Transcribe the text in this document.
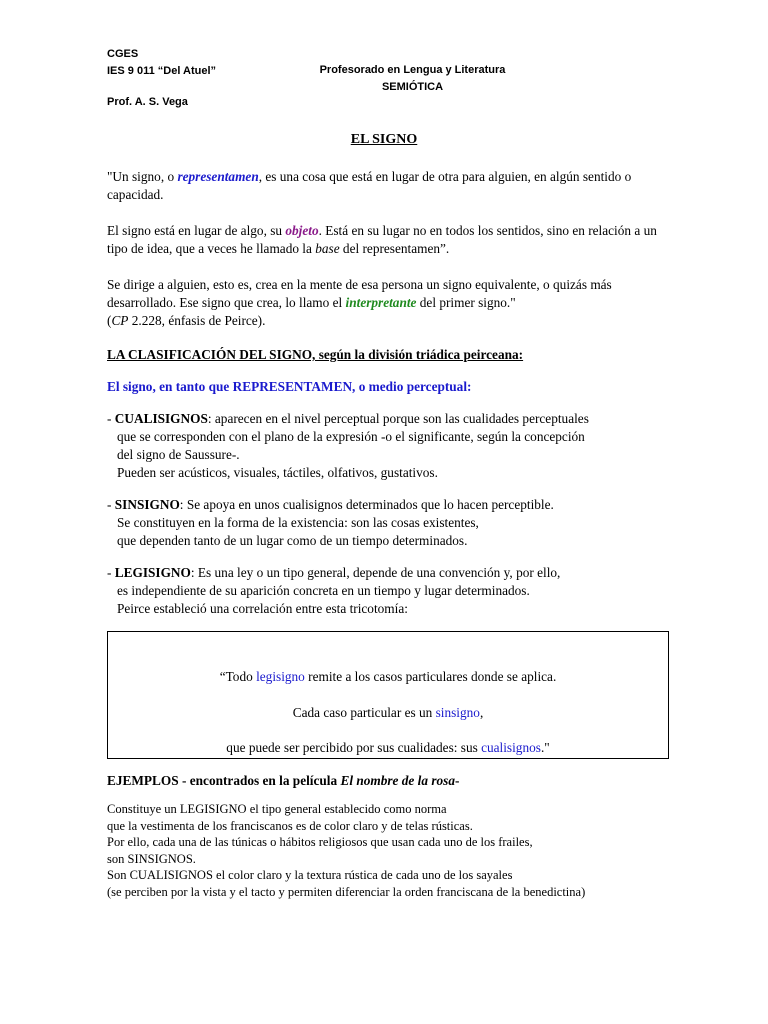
CGES
IES 9 011 “Del Atuel”
Prof. A. S. Vega
Profesorado en Lengua y Literatura
SEMIÓTICA
EL SIGNO

"Un signo, o representamen, es una cosa que está en lugar de otra para alguien, en algún sentido o capacidad.

El signo está en lugar de algo, su objeto. Está en su lugar no en todos los sentidos, sino en relación a un tipo de idea, que a veces he llamado la base del representamen”.

Se dirige a alguien, esto es, crea en la mente de esa persona un signo equivalente, o quizás más desarrollado. Ese signo que crea, lo llamo el interpretante del primer signo."

(CP 2.228, énfasis de Peirce).

LA CLASIFICACIÓN DEL SIGNO, según la división triádica peirceana:

El signo, en tanto que REPRESENTAMEN, o medio perceptual:

- CUALISIGNOS: aparecen en el nivel perceptual porque son las cualidades perceptuales

que se corresponden con el plano de la expresión -o el significante, según la concepción

del signo de Saussure-.

Pueden ser acústicos, visuales, táctiles, olfativos, gustativos.

- SINSIGNO: Se apoya en unos cualisignos determinados que lo hacen perceptible.

Se constituyen en la forma de la existencia: son las cosas existentes,

que dependen tanto de un lugar como de un tiempo determinados.

- LEGISIGNO: Es una ley o un tipo general, depende de una convención y, por ello,

es independiente de su aparición concreta en un tiempo y lugar determinados.

Peirce estableció una correlación entre esta tricotomía:

“Todo legisigno remite a los casos particulares donde se aplica.
Cada caso particular es un sinsigno,
que puede ser percibido por sus cualidades: sus cualisignos."
EJEMPLOS - encontrados en la película El nombre de la rosa-
Constituye un LEGISIGNO el tipo general establecido como norma
que la vestimenta de los franciscanos es de color claro y de telas rústicas.
Por ello, cada una de las túnicas o hábitos religiosos que usan cada uno de los frailes,
son SINSIGNOS.
Son CUALISIGNOS el color claro y la textura rústica de cada uno de los sayales
(se perciben por la vista y el tacto y permiten diferenciar la orden franciscana de la benedictina)
